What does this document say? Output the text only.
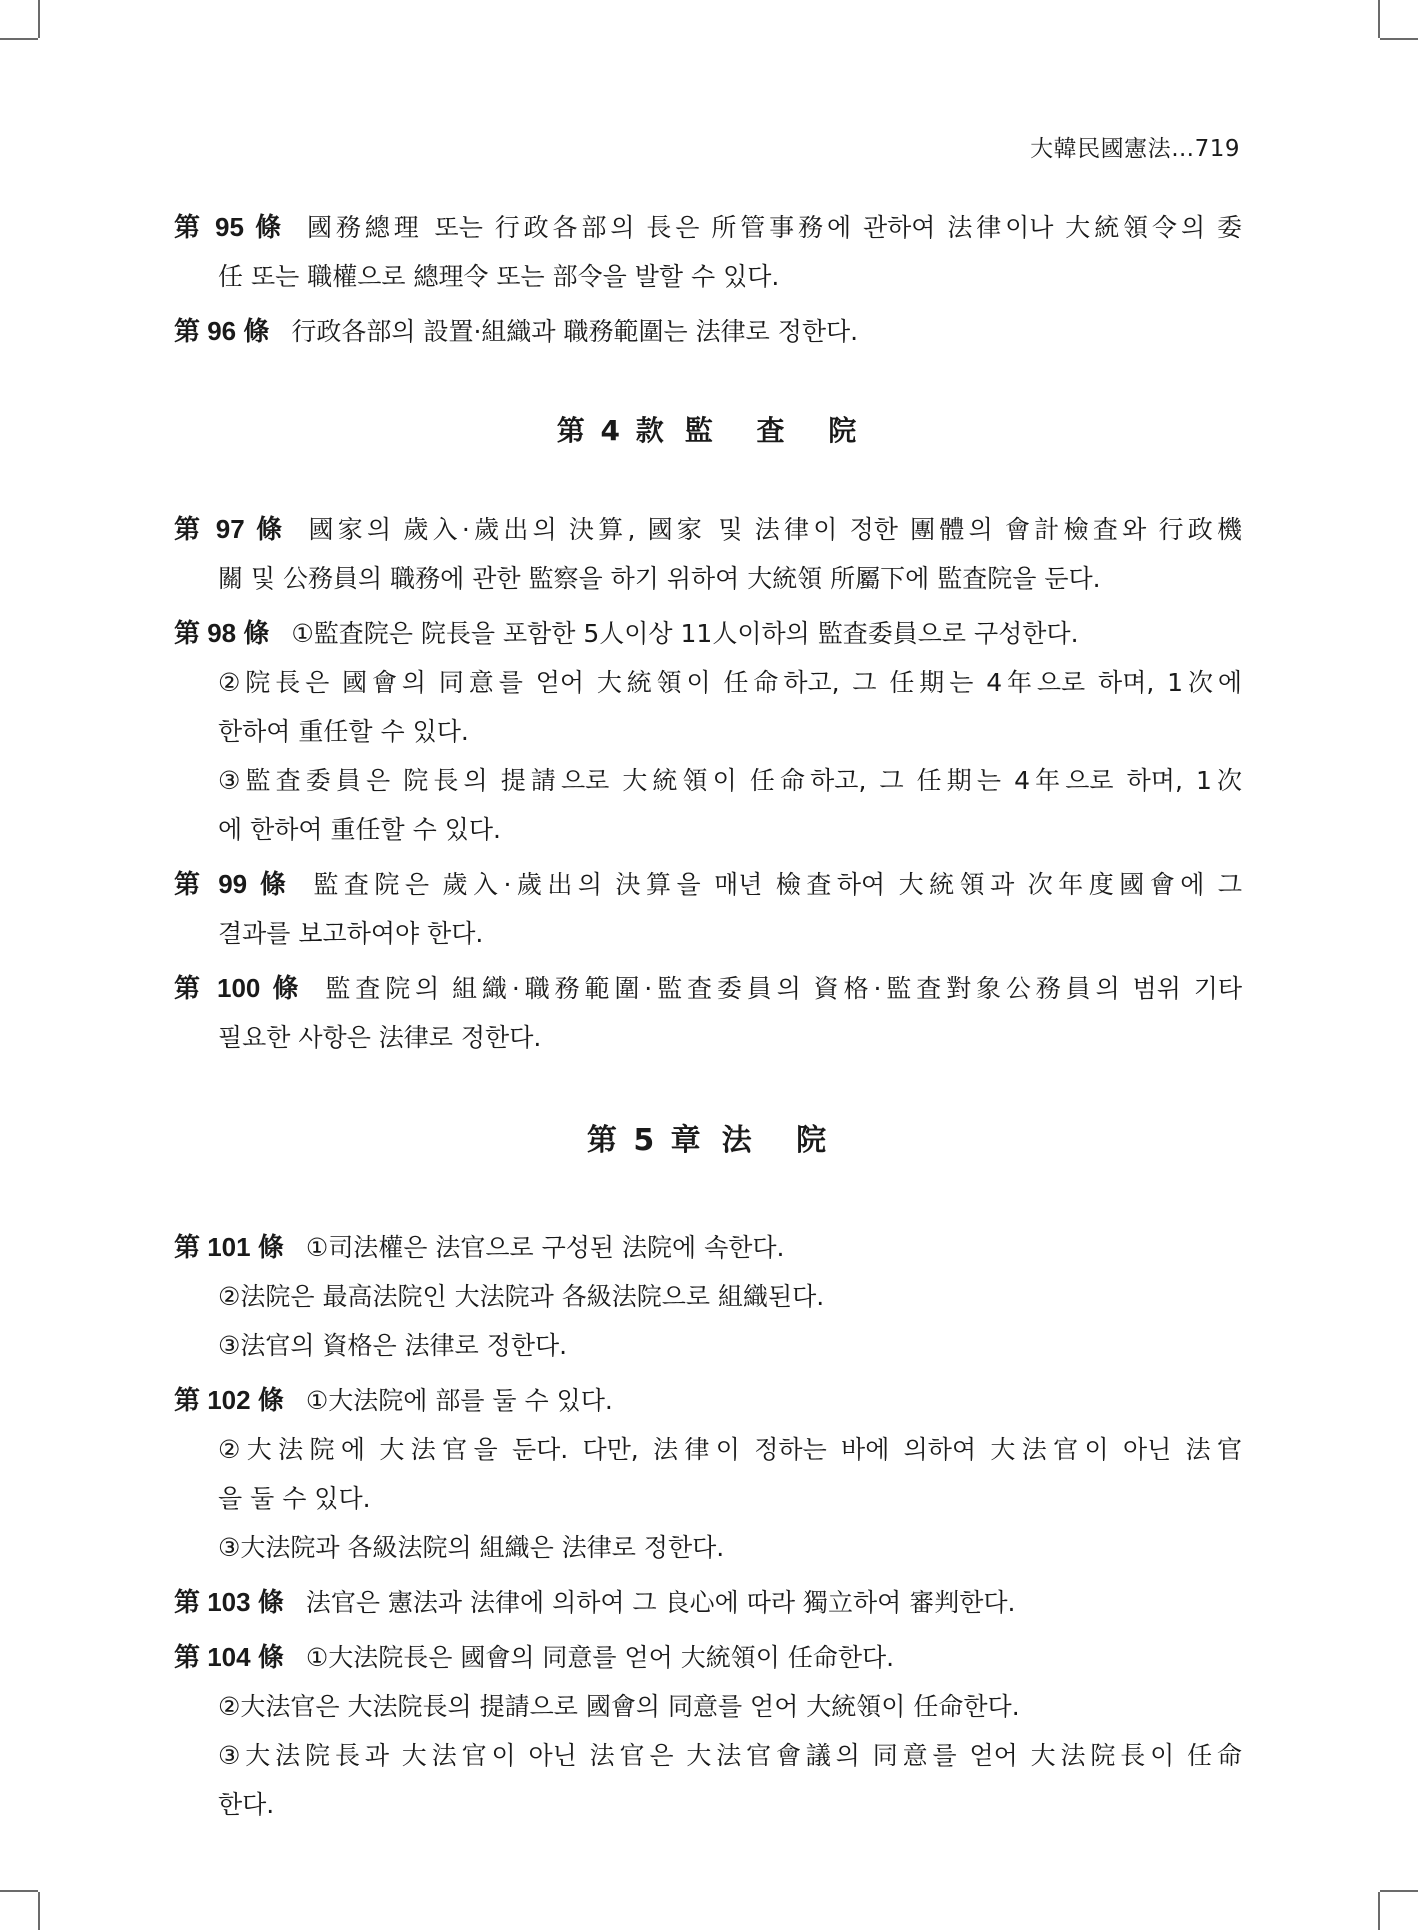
大韓民國憲法…719
第 95 條 國務總理 또는 行政各部의 長은 所管事務에 관하여 法律이나 大統領令의 委
任 또는 職權으로 總理令 또는 部令을 발할 수 있다.
第 96 條 行政各部의 設置·組織과 職務範圍는 法律로 정한다.
第 4 款 監 査 院
第 97 條 國家의 歲入·歲出의 決算, 國家 및 法律이 정한 團體의 會計檢査와 行政機
關 및 公務員의 職務에 관한 監察을 하기 위하여 大統領 所屬下에 監査院을 둔다.
第 98 條 ①監査院은 院長을 포함한 5人이상 11人이하의 監査委員으로 구성한다.
②院長은 國會의 同意를 얻어 大統領이 任命하고, 그 任期는 4年으로 하며, 1次에
한하여 重任할 수 있다.
③監査委員은 院長의 提請으로 大統領이 任命하고, 그 任期는 4年으로 하며, 1次
에 한하여 重任할 수 있다.
第 99 條 監査院은 歲入·歲出의 決算을 매년 檢査하여 大統領과 次年度國會에 그
결과를 보고하여야 한다.
第 100 條 監査院의 組織·職務範圍·監査委員의 資格·監査對象公務員의 범위 기타
필요한 사항은 法律로 정한다.
第 5 章 法 院
第 101 條 ①司法權은 法官으로 구성된 法院에 속한다.
②法院은 最高法院인 大法院과 各級法院으로 組織된다.
③法官의 資格은 法律로 정한다.
第 102 條 ①大法院에 部를 둘 수 있다.
②大法院에 大法官을 둔다. 다만, 法律이 정하는 바에 의하여 大法官이 아닌 法官
을 둘 수 있다.
③大法院과 各級法院의 組織은 法律로 정한다.
第 103 條 法官은 憲法과 法律에 의하여 그 良心에 따라 獨立하여 審判한다.
第 104 條 ①大法院長은 國會의 同意를 얻어 大統領이 任命한다.
②大法官은 大法院長의 提請으로 國會의 同意를 얻어 大統領이 任命한다.
③大法院長과 大法官이 아닌 法官은 大法官會議의 同意를 얻어 大法院長이 任命
한다.
